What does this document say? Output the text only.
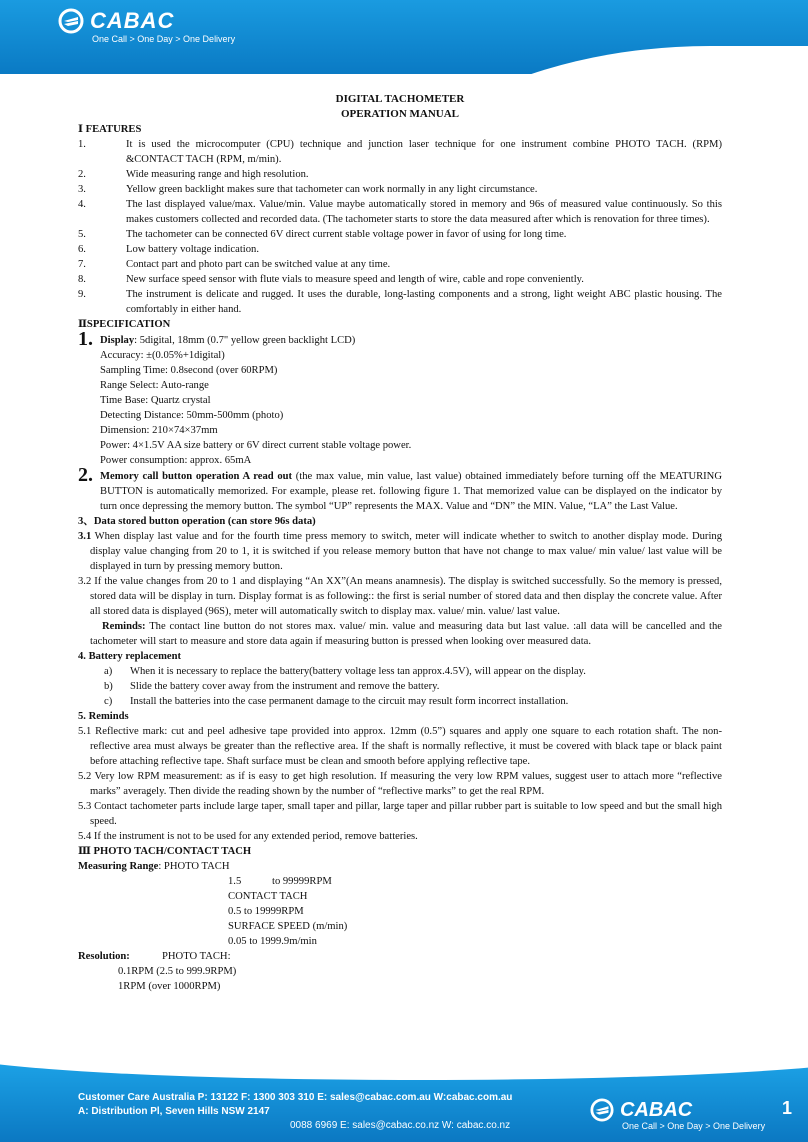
CABAC
One Call > One Day > One Delivery
DIGITAL TACHOMETER
OPERATION MANUAL
Ⅰ FEATURES
1.	It is used the microcomputer (CPU) technique and junction laser technique for one instrument combine PHOTO TACH. (RPM) &CONTACT TACH (RPM, m/min).
2.	Wide measuring range and high resolution.
3.	Yellow green backlight makes sure that tachometer can work normally in any light circumstance.
4.	The last displayed value/max. Value/min. Value maybe automatically stored in memory and 96s of measured value continuously. So this makes customers collected and recorded data. (The tachometer starts to store the data measured after which is renovation for three times).
5.	The tachometer can be connected 6V direct current stable voltage power in favor of using for long time.
6.	Low battery voltage indication.
7.	Contact part and photo part can be switched value at any time.
8.	New surface speed sensor with flute vials to measure speed and length of wire, cable and rope conveniently.
9.	The instrument is delicate and rugged. It uses the durable, long-lasting components and a strong, light weight ABC plastic housing. The comfortably in either hand.
ⅡSPECIFICATION
1. Display: 5digital, 18mm (0.7" yellow green backlight LCD)
Accuracy: ±(0.05%+1digital)
Sampling Time: 0.8second (over 60RPM)
Range Select: Auto-range
Time Base: Quartz crystal
Detecting Distance: 50mm-500mm (photo)
Dimension: 210×74×37mm
Power: 4×1.5V AA size battery or 6V direct current stable voltage power.
Power consumption: approx. 65mA
2. Memory call button operation A read out (the max value, min value, last value) obtained immediately before turning off the MEATURING BUTTON is automatically memorized. For example, please ret. following figure 1. That memorized value can be displayed on the indicator by turn once depressing the memory button. The symbol “UP” represents the MAX. Value and “DN” the MIN. Value, “LA” the Last Value.
3、Data stored button operation (can store 96s data)
3.1 When display last value and for the fourth time press memory to switch, meter will indicate whether to switch to another display mode. During display value changing from 20 to 1, it is switched if you release memory button that have not change to max value/ min value/ last value will be displayed in turn by pressing memory button.
3.2 If the value changes from 20 to 1 and displaying “An XX”(An means anamnesis). The display is switched successfully. So the memory is pressed, stored data will be display in turn. Display format is as following:: the first is serial number of stored data and then display the concrete value. After all stored data is displayed (96S), meter will automatically switch to display max. value/ min. value/ last value.
Reminds: The contact line button do not stores max. value/ min. value and measuring data but last value. :all data will be cancelled and the tachometer will start to measure and store data again if measuring button is pressed when looking over measured data.
4. Battery replacement
a)	When it is necessary to replace the battery(battery voltage less tan approx.4.5V), will appear on the display.
b)	Slide the battery cover away from the instrument and remove the battery.
c)	Install the batteries into the case permanent damage to the circuit may result form incorrect installation.
5. Reminds
5.1 Reflective mark: cut and peel adhesive tape provided into approx. 12mm (0.5”) squares and apply one square to each rotation shaft. The non-reflective area must always be greater than the reflective area. If the shaft is normally reflective, it must be covered with black tape or black paint before attaching reflective tape. Shaft surface must be clean and smooth before applying reflective tape.
5.2 Very low RPM measurement: as if is easy to get high resolution. If measuring the very low RPM values, suggest user to attach more “reflective marks” averagely. Then divide the reading shown by the number of “reflective marks” to get the real RPM.
5.3 Contact tachometer parts include large taper, small taper and pillar, large taper and pillar rubber part is suitable to low speed and but the small high speed.
5.4 If the instrument is not to be used for any extended period, remove batteries.
Ⅲ PHOTO TACH/CONTACT TACH
Measuring Range: PHOTO TACH
1.5	to 99999RPM
CONTACT TACH
0.5 to 19999RPM
SURFACE SPEED (m/min)
0.05 to 1999.9m/min
Resolution:	PHOTO TACH:
0.1RPM (2.5 to 999.9RPM)
1RPM (over 1000RPM)
Customer Care Australia P: 13122 F: 1300 303 310 E: sales@cabac.com.au W:cabac.com.au
A: Distribution Pl, Seven Hills NSW 2147
0088 6969 E: sales@cabac.co.nz W: cabac.co.nz
CABAC
One Call > One Day > One Delivery
1
